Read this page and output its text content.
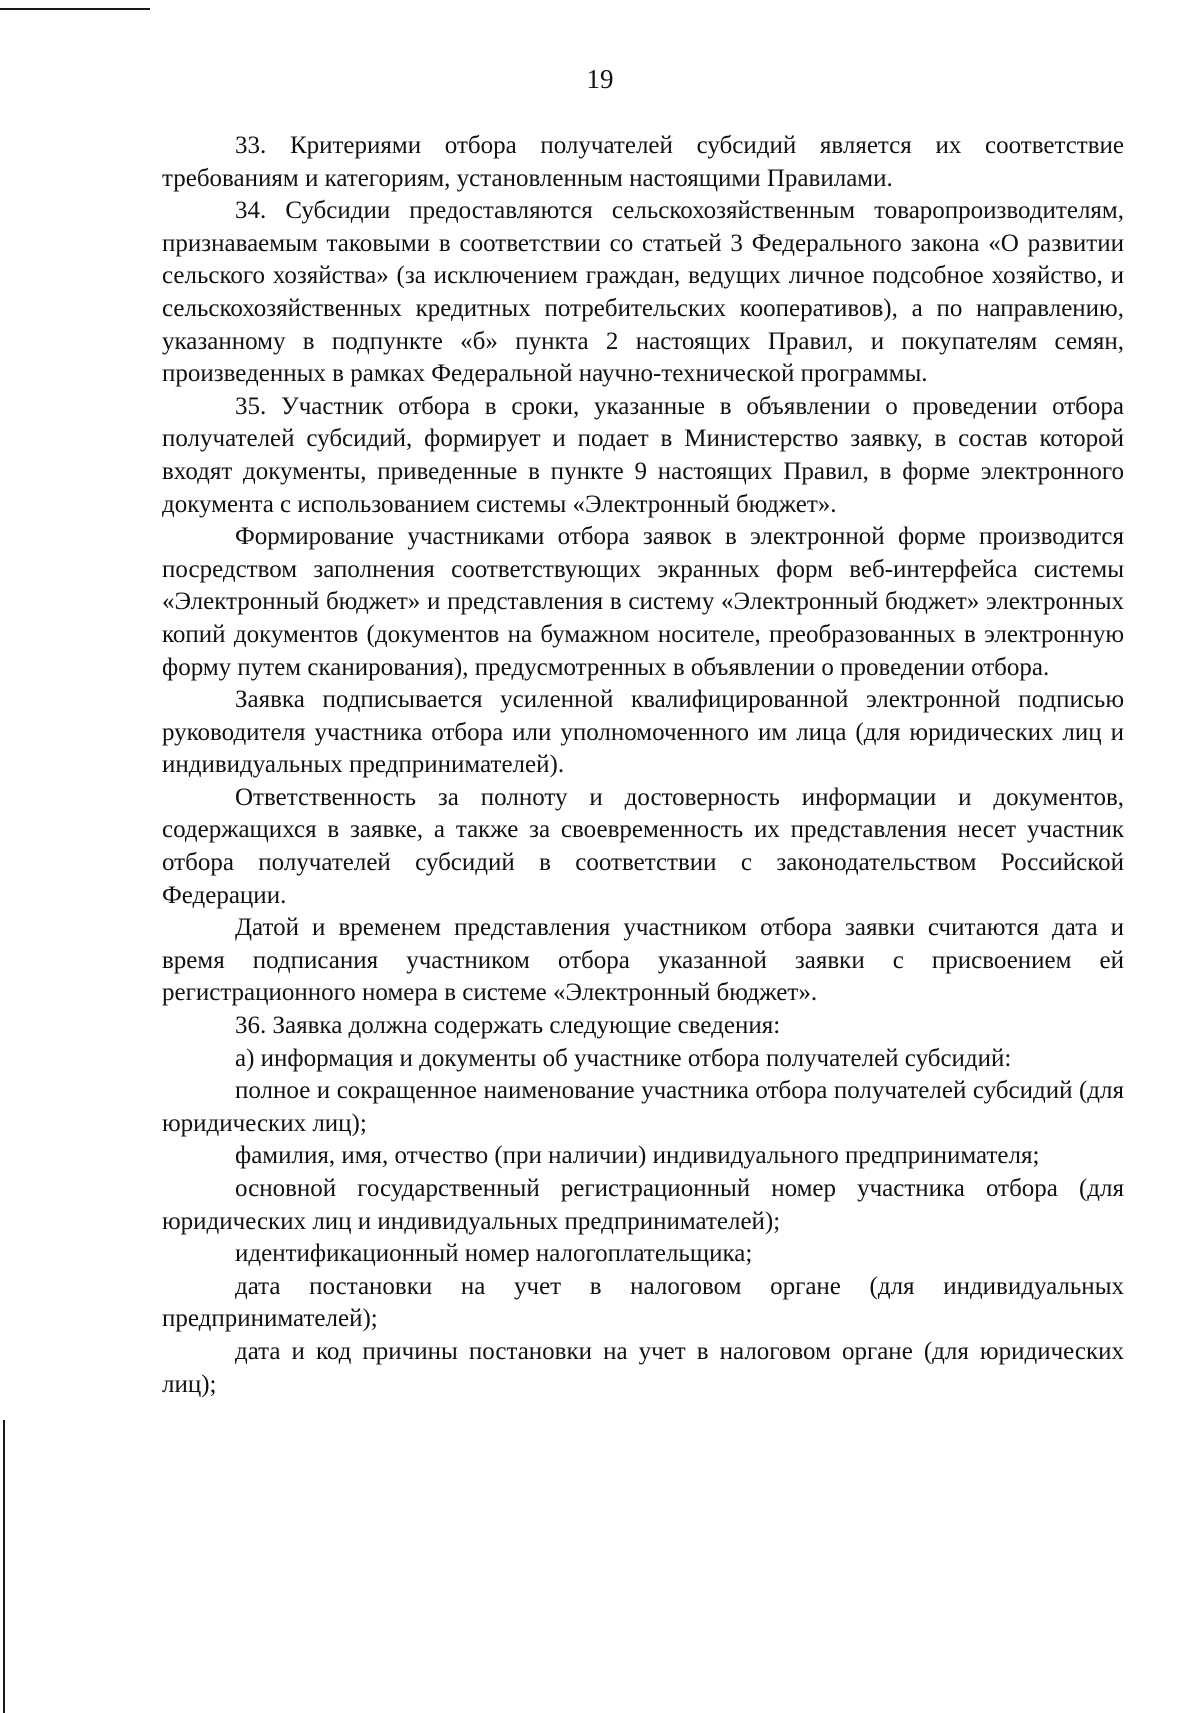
19

33. Критериями отбора получателей субсидий является их соответствие требованиям и категориям, установленным настоящими Правилами.

34. Субсидии предоставляются сельскохозяйственным товаропроизводителям, признаваемым таковыми в соответствии со статьей 3 Федерального закона «О развитии сельского хозяйства» (за исключением граждан, ведущих личное подсобное хозяйство, и сельскохозяйственных кредитных потребительских кооперативов), а по направлению, указанному в подпункте «б» пункта 2 настоящих Правил, и покупателям семян, произведенных в рамках Федеральной научно-технической программы.

35. Участник отбора в сроки, указанные в объявлении о проведении отбора получателей субсидий, формирует и подает в Министерство заявку, в состав которой входят документы, приведенные в пункте 9 настоящих Правил, в форме электронного документа с использованием системы «Электронный бюджет».

Формирование участниками отбора заявок в электронной форме производится посредством заполнения соответствующих экранных форм веб-интерфейса системы «Электронный бюджет» и представления в систему «Электронный бюджет» электронных копий документов (документов на бумажном носителе, преобразованных в электронную форму путем сканирования), предусмотренных в объявлении о проведении отбора.

Заявка подписывается усиленной квалифицированной электронной подписью руководителя участника отбора или уполномоченного им лица (для юридических лиц и индивидуальных предпринимателей).

Ответственность за полноту и достоверность информации и документов, содержащихся в заявке, а также за своевременность их представления несет участник отбора получателей субсидий в соответствии с законодательством Российской Федерации.

Датой и временем представления участником отбора заявки считаются дата и время подписания участником отбора указанной заявки с присвоением ей регистрационного номера в системе «Электронный бюджет».

36. Заявка должна содержать следующие сведения:

а) информация и документы об участнике отбора получателей субсидий:

полное и сокращенное наименование участника отбора получателей субсидий (для юридических лиц);

фамилия, имя, отчество (при наличии) индивидуального предпринимателя;

основной государственный регистрационный номер участника отбора (для юридических лиц и индивидуальных предпринимателей);

идентификационный номер налогоплательщика;

дата постановки на учет в налоговом органе (для индивидуальных предпринимателей);

дата и код причины постановки на учет в налоговом органе (для юридических лиц);
